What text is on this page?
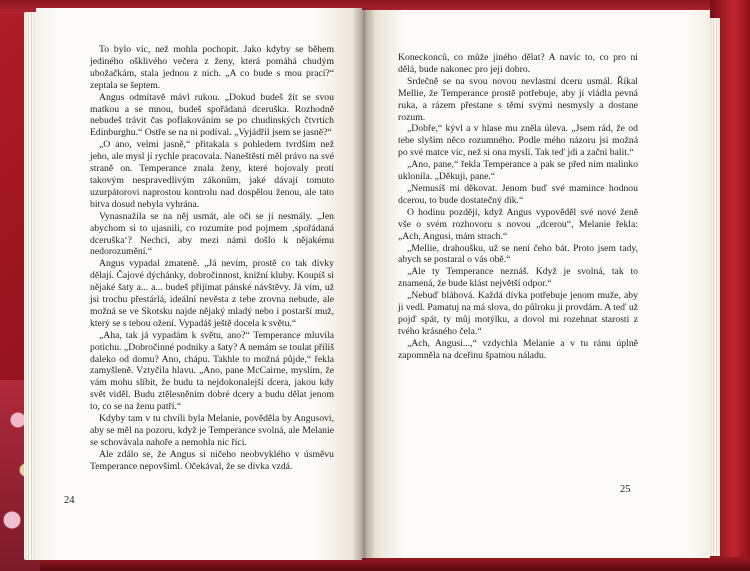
To bylo víc, než mohla pochopit. Jako kdyby se během jediného ošklivého večera z ženy, která pomáhá chudým ubožačkám, stala jednou z nich. „A co bude s mou prací?“ zeptala se šeptem.

Angus odmítavě mávl rukou. „Dokud budeš žít se svou matkou a se mnou, budeš spořádaná dceruška. Rozhodně nebudeš trávit čas poflakováním se po chudinských čtvrtích Edinburghu.“ Ostře se na ni podíval. „Vyjádřil jsem se jasně?“

„O ano, velmi jasně,“ přitakala s pohledem tvrdším než jeho, ale mysl jí rychle pracovala. Naneštěstí měl právo na své straně on. Temperance znala ženy, které bojovaly proti takovým nespravedlivým zákonům, jaké dávají tomuto uzurpátorovi naprostou kontrolu nad dospělou ženou, ale tato bitva dosud nebyla vyhrána.

Vynasnažila se na něj usmát, ale oči se jí nesmály. „Jen abychom si to ujasnili, co rozumíte pod pojmem ‚spořádaná dceruška‘? Nechci, aby mezi námi došlo k nějakému nedorozumění.“

Angus vypadal zmateně. „Já nevím, prostě co tak dívky dělají. Čajové dýchánky, dobročinnost, knižní kluby. Koupíš si nějaké šaty a... a... budeš přijímat pánské návštěvy. Já vím, už jsi trochu přestárlá, ideální nevěsta z tebe zrovna nebude, ale možná se ve Skotsku najde nějaký mladý nebo i postarší muž, který se s tebou ožení. Vypadáš ještě docela k světu.“

„Aha, tak já vypadám k světu, ano?“ Temperance mluvila potichu. „Dobročinné podniky a šaty? A nemám se toulat příliš daleko od domu? Ano, chápu. Takhle to možná půjde,“ řekla zamyšleně. Vztyčila hlavu. „Ano, pane McCairne, myslím, že vám mohu slíbit, že budu ta nejdokonalejší dcera, jakou kdy svět viděl. Budu ztělesněním dobré dcery a budu dělat jenom to, co se na ženu patří.“

Kdyby tam v tu chvíli byla Melanie, pověděla by Angusovi, aby se měl na pozoru, když je Temperance svolná, ale Melanie se schovávala nahoře a nemohla nic říci.

Ale zdálo se, že Angus si ničeho neobvyklého v úsměvu Temperance nepovšiml. Očekával, že se dívka vzdá.

24

Koneckonců, co může jiného dělat? A navíc to, co pro ni dělá, bude nakonec pro její dobro.

Srdečně se na svou novou nevlastní dceru usmál. Říkal Mellie, že Temperance prostě potřebuje, aby jí vládla pevná ruka, a rázem přestane s těmi svými nesmysly a dostane rozum.

„Dobře,“ kývl a v hlase mu zněla úleva. „Jsem rád, že od tebe slyším něco rozumného. Podle mého názoru jsi možná po své matce víc, než si ona myslí. Tak teď jdi a začni balit.“

„Ano, pane,“ řekla Temperance a pak se před ním malinko uklonila. „Děkuji, pane.“

„Nemusíš mi děkovat. Jenom buď své mamince hodnou dcerou, to bude dostatečný dík.“

O hodinu později, když Angus vypověděl své nové ženě vše o svém rozhovoru s novou „dcerou“, Melanie řekla: „Ach, Angusi, mám strach.“

„Mellie, drahoušku, už se není čeho bát. Proto jsem tady, abych se postaral o vás obě.“

„Ale ty Temperance neznáš. Když je svolná, tak to znamená, že bude klást největší odpor.“

„Nebuď bláhová. Každá dívka potřebuje jenom muže, aby ji vedl. Pamatuj na má slova, do půlroku ji provdám. A teď už pojď spát, ty můj motýlku, a dovol mi rozehnat starosti z tvého krásného čela.“

„Ach, Angusi...,“ vzdychla Melanie a v tu ránu úplně zapomněla na dceřinu špatnou náladu.

25
